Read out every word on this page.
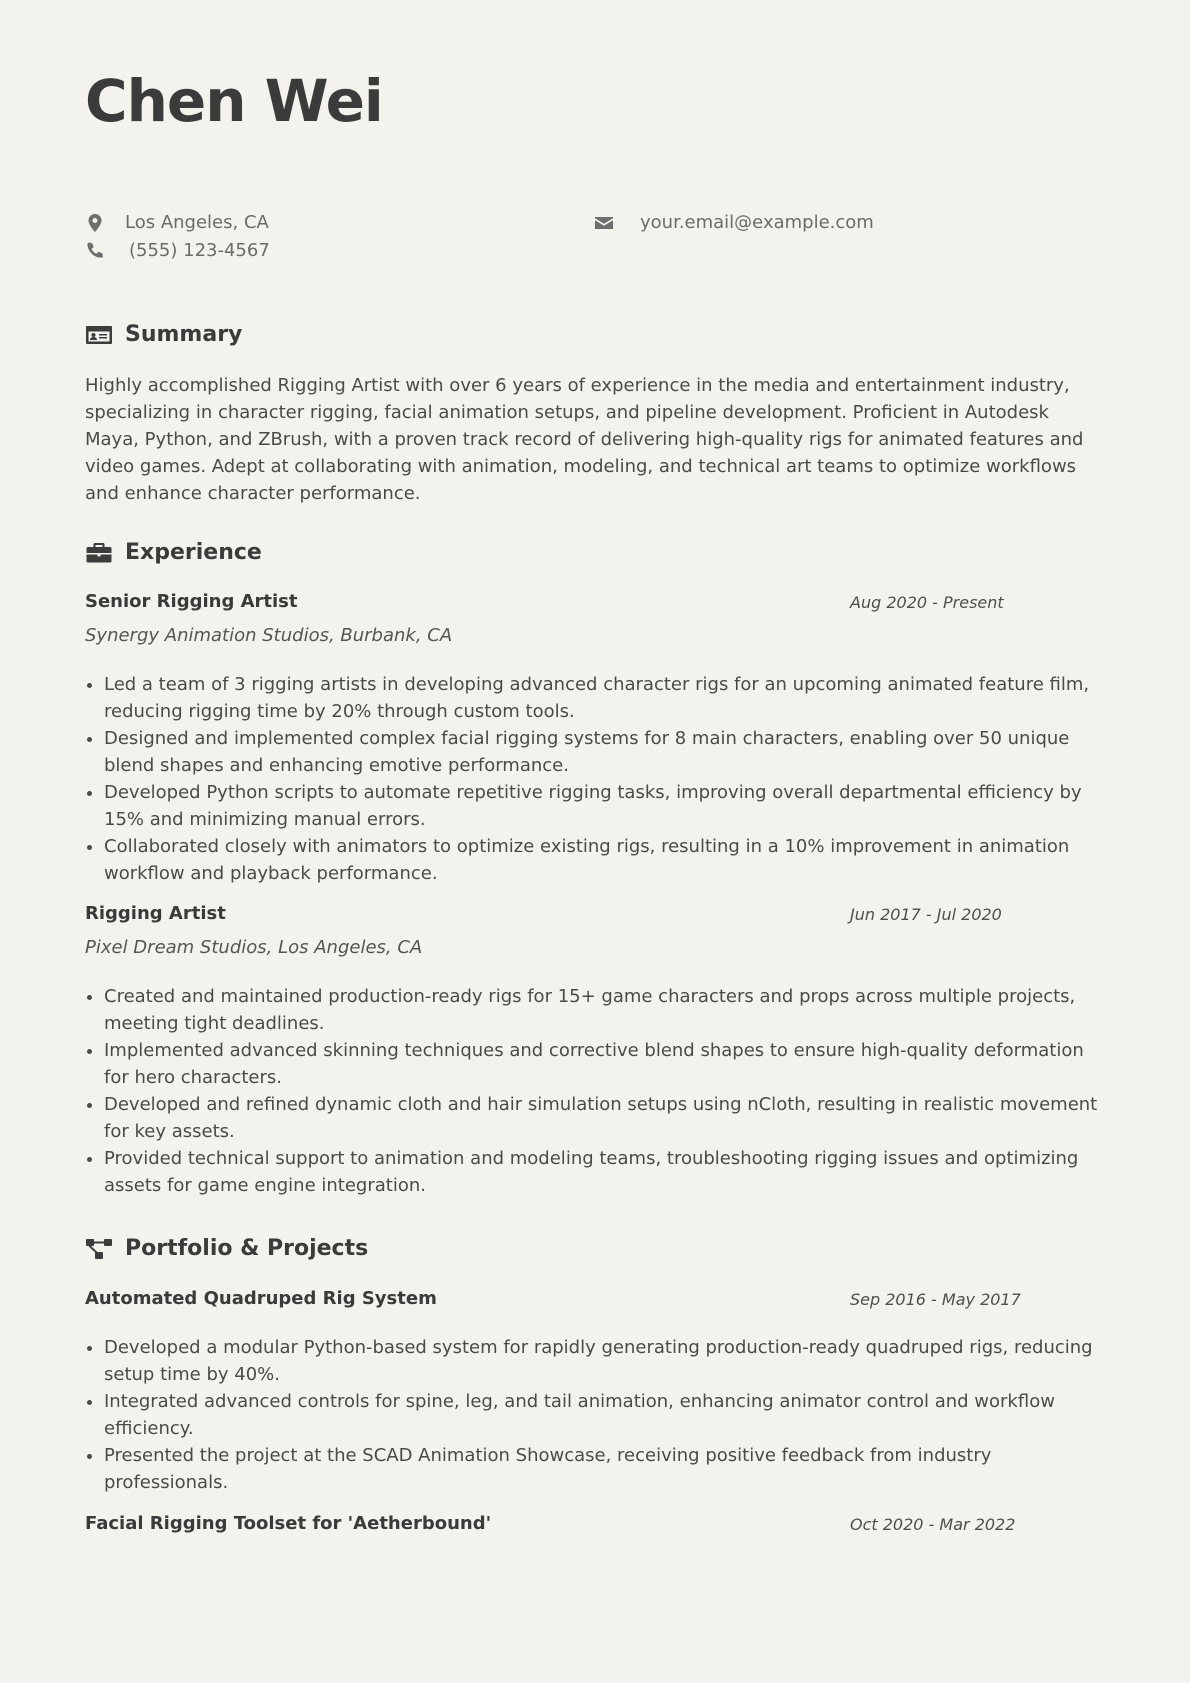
Chen Wei
Los Angeles, CA
(555) 123-4567
your.email@example.com
Summary

Highly accomplished Rigging Artist with over 6 years of experience in the media and entertainment industry, specializing in character rigging, facial animation setups, and pipeline development. Proficient in Autodesk Maya, Python, and ZBrush, with a proven track record of delivering high-quality rigs for animated features and video games. Adept at collaborating with animation, modeling, and technical art teams to optimize workflows and enhance character performance.

Experience
Senior Rigging Artist	Aug 2020 - Present
Synergy Animation Studios, Burbank, CA
Led a team of 3 rigging artists in developing advanced character rigs for an upcoming animated feature film, reducing rigging time by 20% through custom tools.
Designed and implemented complex facial rigging systems for 8 main characters, enabling over 50 unique blend shapes and enhancing emotive performance.
Developed Python scripts to automate repetitive rigging tasks, improving overall departmental efficiency by 15% and minimizing manual errors.
Collaborated closely with animators to optimize existing rigs, resulting in a 10% improvement in animation workflow and playback performance.
Rigging Artist	Jun 2017 - Jul 2020
Pixel Dream Studios, Los Angeles, CA
Created and maintained production-ready rigs for 15+ game characters and props across multiple projects, meeting tight deadlines.
Implemented advanced skinning techniques and corrective blend shapes to ensure high-quality deformation for hero characters.
Developed and refined dynamic cloth and hair simulation setups using nCloth, resulting in realistic movement for key assets.
Provided technical support to animation and modeling teams, troubleshooting rigging issues and optimizing assets for game engine integration.
Portfolio & Projects
Automated Quadruped Rig System	Sep 2016 - May 2017
Developed a modular Python-based system for rapidly generating production-ready quadruped rigs, reducing setup time by 40%.
Integrated advanced controls for spine, leg, and tail animation, enhancing animator control and workflow efficiency.
Presented the project at the SCAD Animation Showcase, receiving positive feedback from industry professionals.
Facial Rigging Toolset for 'Aetherbound'	Oct 2020 - Mar 2022
